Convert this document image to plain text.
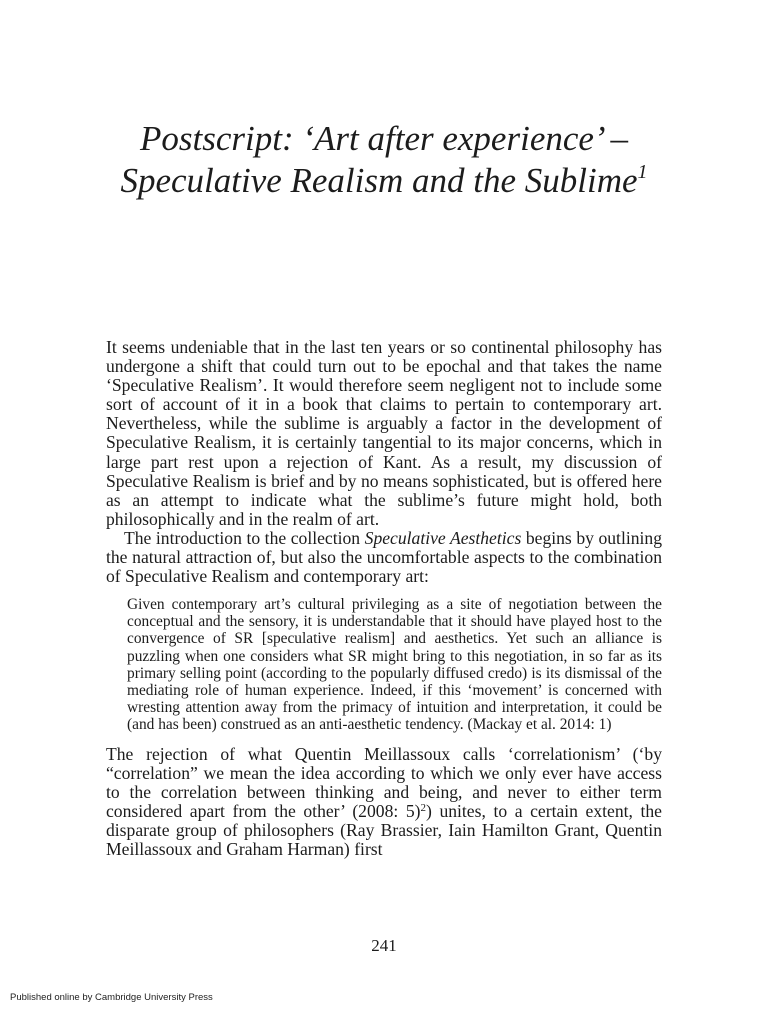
Postscript: ‘Art after experience’ – Speculative Realism and the Sublime$^1$

It seems undeniable that in the last ten years or so continental philosophy has undergone a shift that could turn out to be epochal and that takes the name ‘Speculative Realism’. It would therefore seem negligent not to include some sort of account of it in a book that claims to pertain to contemporary art. Nevertheless, while the sublime is arguably a factor in the development of Speculative Realism, it is certainly tangential to its major concerns, which in large part rest upon a rejection of Kant. As a result, my discussion of Speculative Realism is brief and by no means sophisticated, but is offered here as an attempt to indicate what the sublime’s future might hold, both philosophically and in the realm of art.

The introduction to the collection Speculative Aesthetics begins by outlining the natural attraction of, but also the uncomfortable aspects to the combination of Speculative Realism and contemporary art:

Given contemporary art’s cultural privileging as a site of negotiation between the conceptual and the sensory, it is understandable that it should have played host to the convergence of SR [speculative realism] and aesthetics. Yet such an alliance is puzzling when one considers what SR might bring to this negotiation, in so far as its primary selling point (according to the popularly diffused credo) is its dismissal of the mediating role of human experience. Indeed, if this ‘movement’ is concerned with wresting attention away from the primacy of intuition and interpretation, it could be (and has been) construed as an anti-aesthetic tendency. (Mackay et al. 2014: 1)

The rejection of what Quentin Meillassoux calls ‘correlationism’ (‘by “correlation” we mean the idea according to which we only ever have access to the correlation between thinking and being, and never to either term considered apart from the other’ (2008: 5)$^2$) unites, to a certain extent, the disparate group of philosophers (Ray Brassier, Iain Hamilton Grant, Quentin Meillassoux and Graham Harman) first

241
Published online by Cambridge University Press
